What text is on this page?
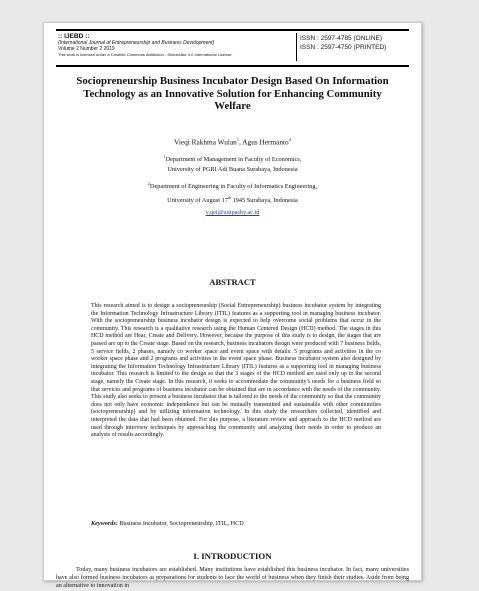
:: IJEBD ::
(International Journal of Entrepreneurship and Business Development)
Volume 2 Number 2 2019
This work is licensed under a Creative Commons Attribution - ShareAlike 4.0 International License.
ISSN : 2597-4785 (ONLINE)
ISSN : 2597-4750 (PRINTED)
Sociopreneurship Business Incubator Design Based On Information Technology as an Innovative Solution for Enhancing Community Welfare
Vieqi Rakhma Wulan$^1$, Agus Hermanto$^2$
$^1$Department of Management in Faculty of Economics,
University of PGRI Adi Buana Surabaya, Indonesia
$^2$Department of Engineering in Faculty of Informatics Engineering,
University of August 17th 1945 Surabaya, Indonesia
v.qei@unipasby.ac.id
ABSTRACT

This research aimed is to design a sociopreneurship (Social Entrepreneurship) business incubator system by integrating the Information Technology Infrastructure Library (ITIL) features as a supporting tool in managing business incubator. With the sociopreneurship business incubator design is expected to help overcome social problems that occur in the community. This research is a qualitative research using the Human Centered Design (HCD) method. The stages in this HCD method are Hear, Create and Delivery. However, because the purpose of this study is to design, the stages that are passed are up to the Create stage. Based on the research, business incubators design were produced with 7 business fields, 5 service fields, 2 phases, namely co worker space and event space with details: 5 programs and activities in the co worker space phase and 2 programs and activities in the event space phase. Business incubator system also designed by integrating the Information Technology Infrastructure Library (ITIL) features as a supporting tool in managing business incubator. This research is limited to the design so that the 3 stages of the HCD method are used only up to the second stage, namely the Create stage. In this research, it seeks to accommodate the community's needs for a business field so that services and programs of business incubator can be obtained that are in accordance with the needs of the community. This study also seeks to present a business incubator that is tailored to the needs of the community so that the community does not only have economic independence but can be mutually transmitted and sustainable with other communities (sociopreneurship) and by utilizing information technology. In this study the researchers collected, identified and interpreted the data that had been obtained. For this purpose, a literature review and approach to the HCD method are used through interview techniques by approaching the community and analyzing their needs in order to produce an analysis of results accordingly.

Keywords: Business Incubator, Sociopreneurship, ITIL, HCD
I. INTRODUCTION

Today, many business incubators are established. Many institutions have established this business incubator. In fact, many universities have also formed business incubators as preparations for students to face the world of business when they finish their studies. Aside from being an alternative to innovation in
